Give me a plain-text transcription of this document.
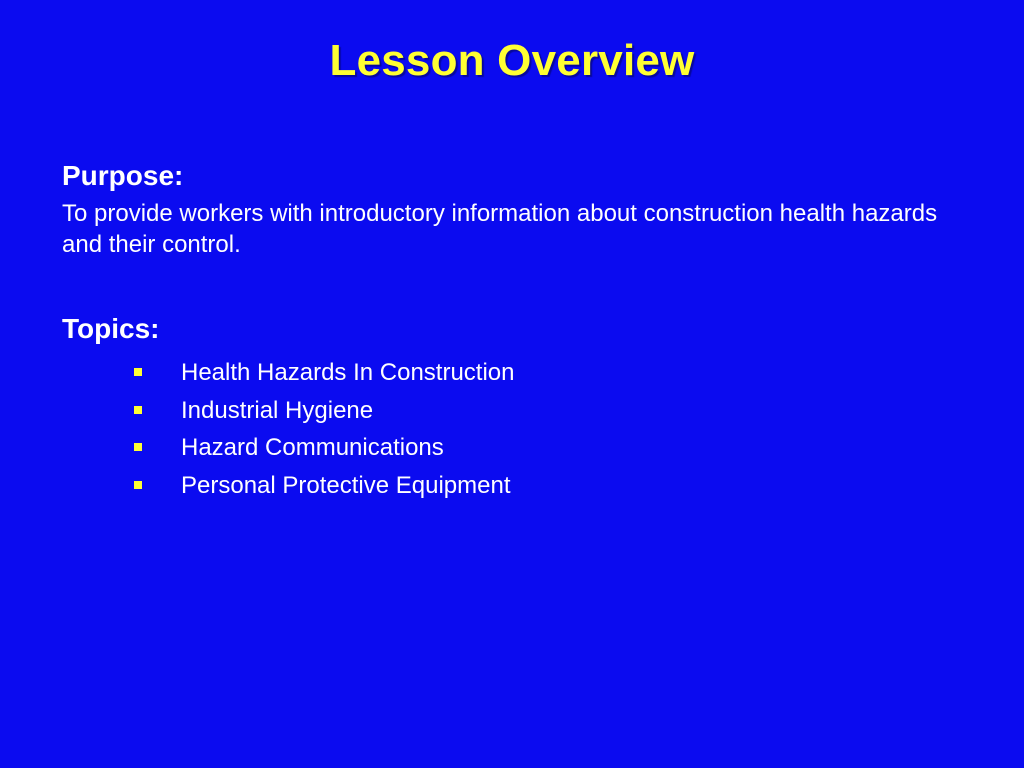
Lesson Overview
Purpose:
To provide workers with introductory information about construction health hazards and their control.
Topics:
Health Hazards In Construction
Industrial Hygiene
Hazard Communications
Personal Protective Equipment
